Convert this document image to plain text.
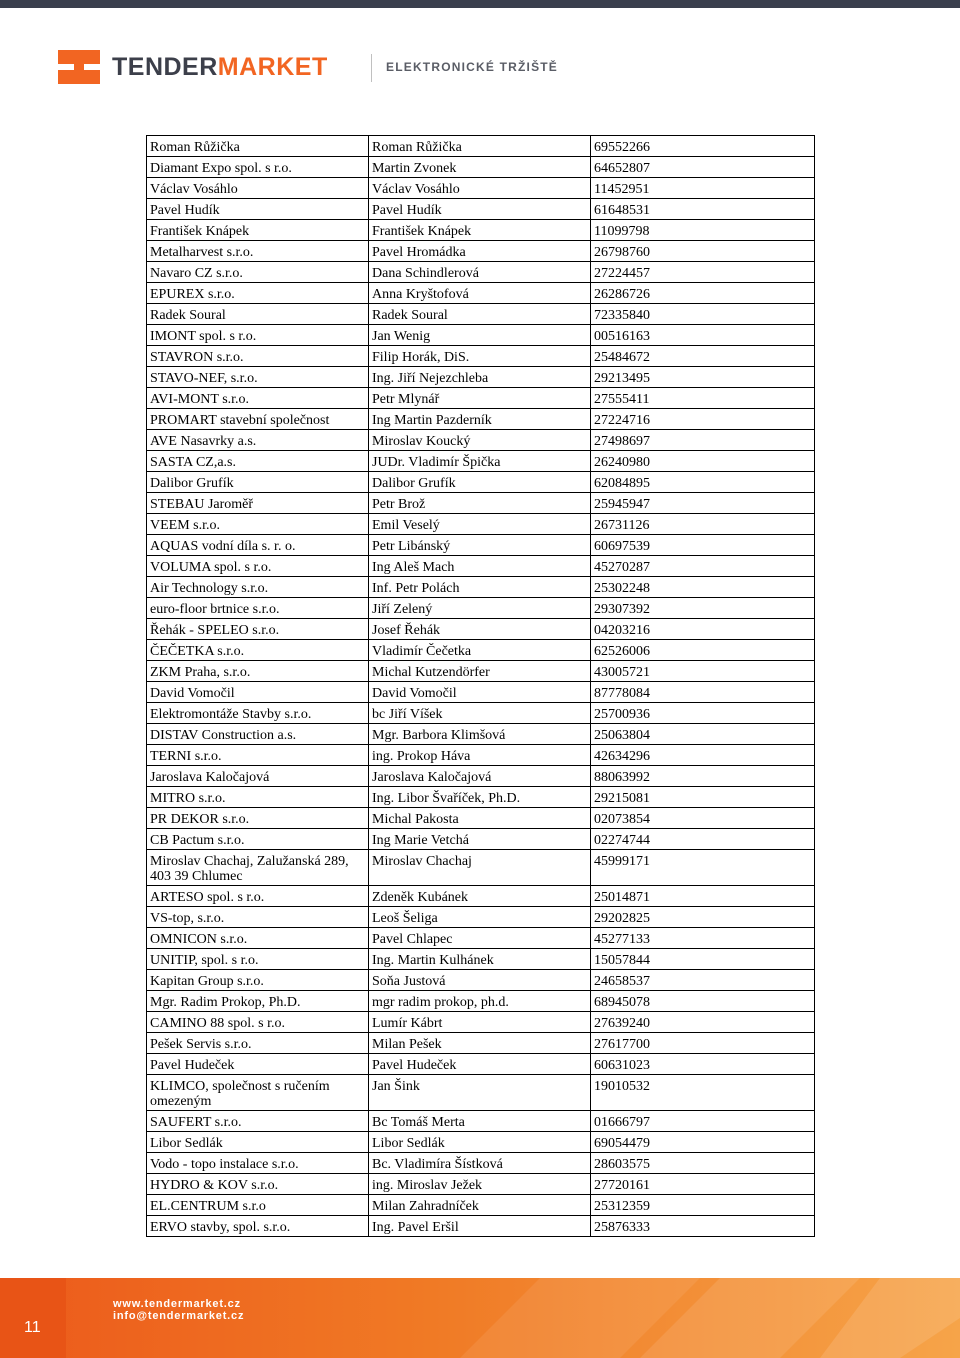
TENDERMARKET	ELEKTRONICKÉ TRŽIŠTĚ
Roman Růžička	Roman Růžička	69552266
Diamant Expo spol. s r.o.	Martin Zvonek	64652807
Václav Vosáhlo	Václav Vosáhlo	11452951
Pavel Hudík	Pavel Hudík	61648531
František Knápek	František Knápek	11099798
Metalharvest s.r.o.	Pavel Hromádka	26798760
Navaro CZ s.r.o.	Dana Schindlerová	27224457
EPUREX s.r.o.	Anna Kryštofová	26286726
Radek Soural	Radek Soural	72335840
IMONT spol. s r.o.	Jan Wenig	00516163
STAVRON s.r.o.	Filip Horák, DiS.	25484672
STAVO-NEF, s.r.o.	Ing. Jiří Nejezchleba	29213495
AVI-MONT s.r.o.	Petr Mlynář	27555411
PROMART stavební společnost	Ing Martin Pazderník	27224716
AVE Nasavrky a.s.	Miroslav Koucký	27498697
SASTA CZ,a.s.	JUDr. Vladimír Špička	26240980
Dalibor Grufík	Dalibor Grufík	62084895
STEBAU Jaroměř	Petr Brož	25945947
VEEM s.r.o.	Emil Veselý	26731126
AQUAS vodní díla s. r. o.	Petr Libánský	60697539
VOLUMA spol. s r.o.	Ing Aleš Mach	45270287
Air Technology s.r.o.	Inf. Petr Polách	25302248
euro-floor brtnice s.r.o.	Jiří Zelený	29307392
Řehák - SPELEO s.r.o.	Josef Řehák	04203216
ČEČETKA s.r.o.	Vladimír Čečetka	62526006
ZKM Praha, s.r.o.	Michal Kutzendörfer	43005721
David Vomočil	David Vomočil	87778084
Elektromontáže Stavby s.r.o.	bc Jiří Víšek	25700936
DISTAV Construction a.s.	Mgr. Barbora Klimšová	25063804
TERNI s.r.o.	ing. Prokop Háva	42634296
Jaroslava Kaločajová	Jaroslava Kaločajová	88063992
MITRO s.r.o.	Ing. Libor Švaříček, Ph.D.	29215081
PR DEKOR s.r.o.	Michal Pakosta	02073854
CB Pactum s.r.o.	Ing Marie Vetchá	02274744
Miroslav Chachaj, Zalužanská 289, 403 39 Chlumec	Miroslav Chachaj	45999171
ARTESO spol. s r.o.	Zdeněk Kubánek	25014871
VS-top, s.r.o.	Leoš Šeliga	29202825
OMNICON s.r.o.	Pavel Chlapec	45277133
UNITIP, spol. s r.o.	Ing. Martin Kulhánek	15057844
Kapitan Group s.r.o.	Soňa Justová	24658537
Mgr. Radim Prokop, Ph.D.	mgr radim prokop, ph.d.	68945078
CAMINO 88 spol. s r.o.	Lumír Kábrt	27639240
Pešek Servis s.r.o.	Milan Pešek	27617700
Pavel Hudeček	Pavel Hudeček	60631023
KLIMCO, společnost s ručením omezeným	Jan Šink	19010532
SAUFERT s.r.o.	Bc Tomáš Merta	01666797
Libor Sedlák	Libor Sedlák	69054479
Vodo - topo instalace s.r.o.	Bc. Vladimíra Šístková	28603575
HYDRO & KOV s.r.o.	ing. Miroslav Ježek	27720161
EL.CENTRUM s.r.o	Milan Zahradníček	25312359
ERVO stavby, spol. s.r.o.	Ing. Pavel Eršil	25876333
11
www.tendermarket.cz
info@tendermarket.cz
